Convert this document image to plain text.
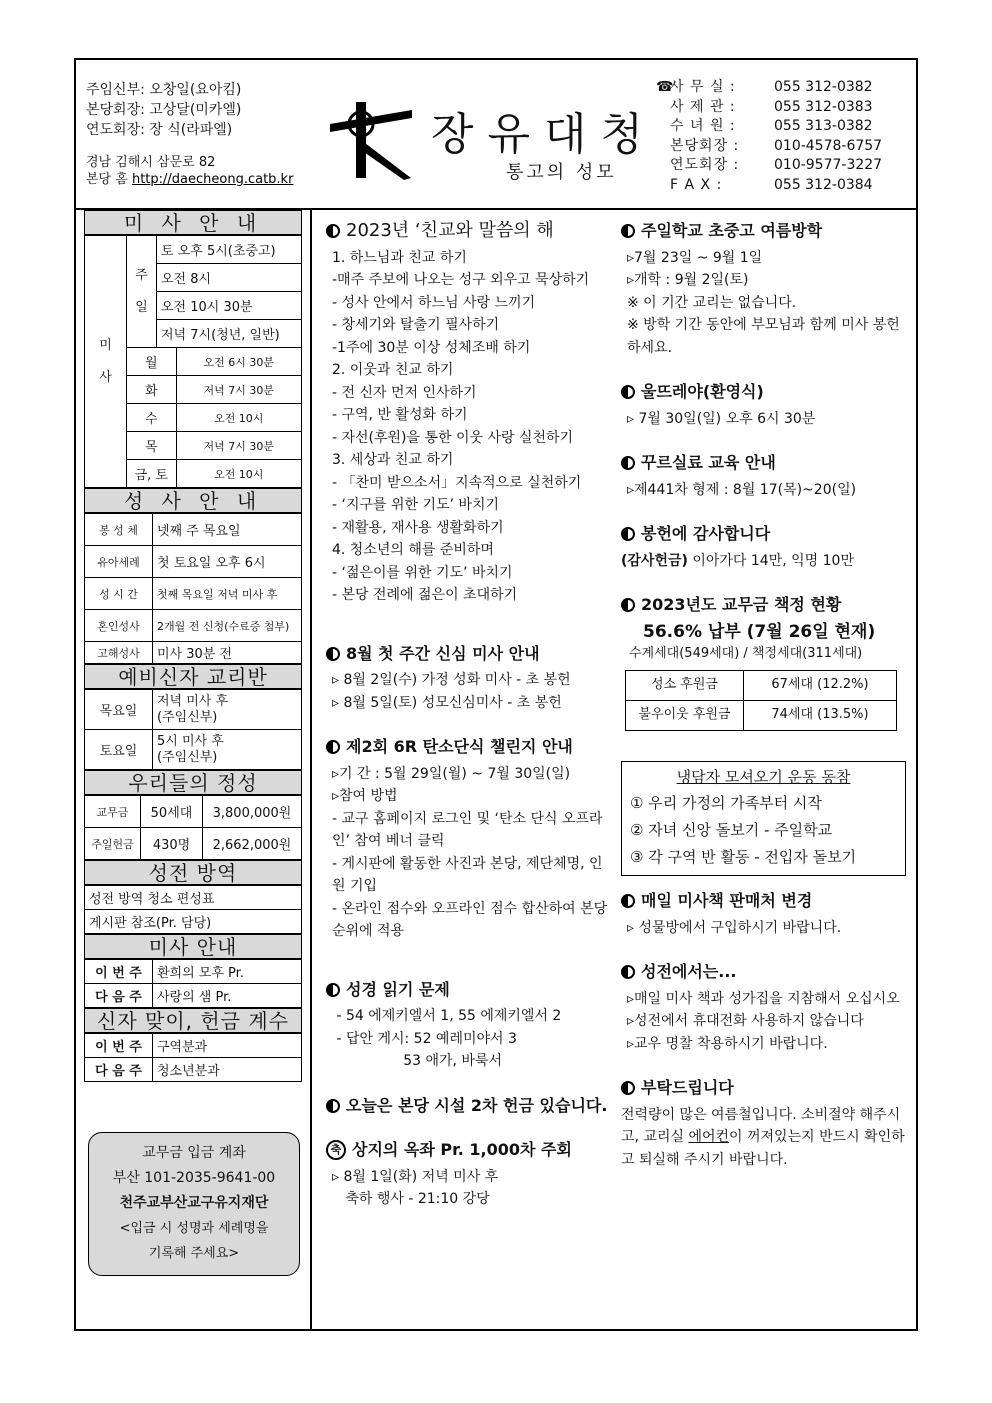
주임신부: 오창일(요아킴)
본당회장: 고상달(미카엘)
연도회장: 장 식(라파엘)
경남 김해시 삼문로 82
본당 홈 http://daecheong.catb.kr
장유대청
통고의 성모
☎
사 무 실 :	055 312-0382
사 제 관 :	055 312-0383
수 녀 원 :	055 313-0382
본당회장 :	010-4578-6757
연도회장 :	010-9577-3227
F A X :	055 312-0384
미 사 안 내
미

사	주

일	토 오후 5시(초중고)	
		오전 8시	
		오전 10시 30분	
		저녁 7시(청년, 일반)	
	월		오전 6시 30분
	화		저녁 7시 30분
	수		오전 10시
	목		저녁 7시 30분
	금, 토		오전 10시
성 사 안 내
봉 성 체	넷째 주 목요일
유아세례	첫 토요일 오후 6시
성 시 간	첫째 목요일 저녁 미사 후
혼인성사	2개월 전 신청(수료증 첨부)
고해성사	미사 30분 전
예비신자 교리반
목요일	저녁 미사 후
(주임신부)
토요일	5시 미사 후
(주임신부)
우리들의 정성
교무금	50세대	3,800,000원
주일헌금	430명	2,662,000원
성전 방역
성전 방역 청소 편성표
게시판 참조(Pr. 담당)
미사 안내
이 번 주	환희의 모후 Pr.
다 음 주	사랑의 샘 Pr.
신자 맞이, 헌금 계수
이 번 주	구역분과
다 음 주	청소년분과
교무금 입금 계좌
부산 101-2035-9641-00
천주교부산교구유지재단
<입금 시 성명과 세례명을
기록해 주세요>
2023년 ‘친교와 말씀의 해
1. 하느님과 친교 하기
-매주 주보에 나오는 성구 외우고 묵상하기
- 성사 안에서 하느님 사랑 느끼기
- 창세기와 탈출기 필사하기
-1주에 30분 이상 성체조배 하기
2. 이웃과 친교 하기
- 전 신자 먼저 인사하기
- 구역, 반 활성화 하기
- 자선(후원)을 통한 이웃 사랑 실천하기
3. 세상과 친교 하기
- 「찬미 받으소서」지속적으로 실천하기
- ‘지구를 위한 기도’ 바치기
- 재활용, 재사용 생활화하기
4. 청소년의 해를 준비하며
- ‘젊은이를 위한 기도’ 바치기
- 본당 전례에 젊은이 초대하기
8월 첫 주간 신심 미사 안내
▹ 8월 2일(수) 가정 성화 미사 - 초 봉헌
▹ 8월 5일(토) 성모신심미사 - 초 봉헌
제2회 6R 탄소단식 챌린지 안내
▹기 간 : 5월 29일(월) ~ 7월 30일(일)
▹참여 방법
- 교구 홈페이지 로그인 및 ‘탄소 단식 오프라인’ 참여 베너 클릭
- 게시판에 활동한 사진과 본당, 제단체명, 인원 기입
- 온라인 점수와 오프라인 점수 합산하여 본당 순위에 적용
성경 읽기 문제
- 54 에제키엘서 1, 55 에제키엘서 2
- 답안 게시: 52 예레미야서 3
53 애가, 바룩서
오늘은 본당 시설 2차 헌금 있습니다.
축 상지의 옥좌 Pr. 1,000차 주회
▹ 8월 1일(화) 저녁 미사 후
축하 행사 - 21:10 강당
주일학교 초중고 여름방학
▹7월 23일 ~ 9월 1일
▹개학 : 9월 2일(토)
※ 이 기간 교리는 없습니다.
※ 방학 기간 동안에 부모님과 함께 미사 봉헌하세요.
울뜨레야(환영식)
▹ 7월 30일(일) 오후 6시 30분
꾸르실료 교육 안내
▹제441차 형제 : 8월 17(목)~20(일)
봉헌에 감사합니다
(감사헌금) 이아가다 14만, 익명 10만
2023년도 교무금 책정 현황
56.6% 납부 (7월 26일 현재)
수계세대(549세대) / 책정세대(311세대)
성소 후원금	67세대 (12.2%)
불우이웃 후원금	74세대 (13.5%)
냉담자 모셔오기 운동 동참
① 우리 가정의 가족부터 시작
② 자녀 신앙 돌보기 - 주일학교
③ 각 구역 반 활동 - 전입자 돌보기
매일 미사책 판매처 변경
▹ 성물방에서 구입하시기 바랍니다.
성전에서는...
▹매일 미사 책과 성가집을 지참해서 오십시오
▹성전에서 휴대전화 사용하지 않습니다
▹교우 명찰 착용하시기 바랍니다.
부탁드립니다
전력량이 많은 여름철입니다. 소비절약 해주시고, 교리실 에어컨이 꺼져있는지 반드시 확인하고 퇴실해 주시기 바랍니다.
